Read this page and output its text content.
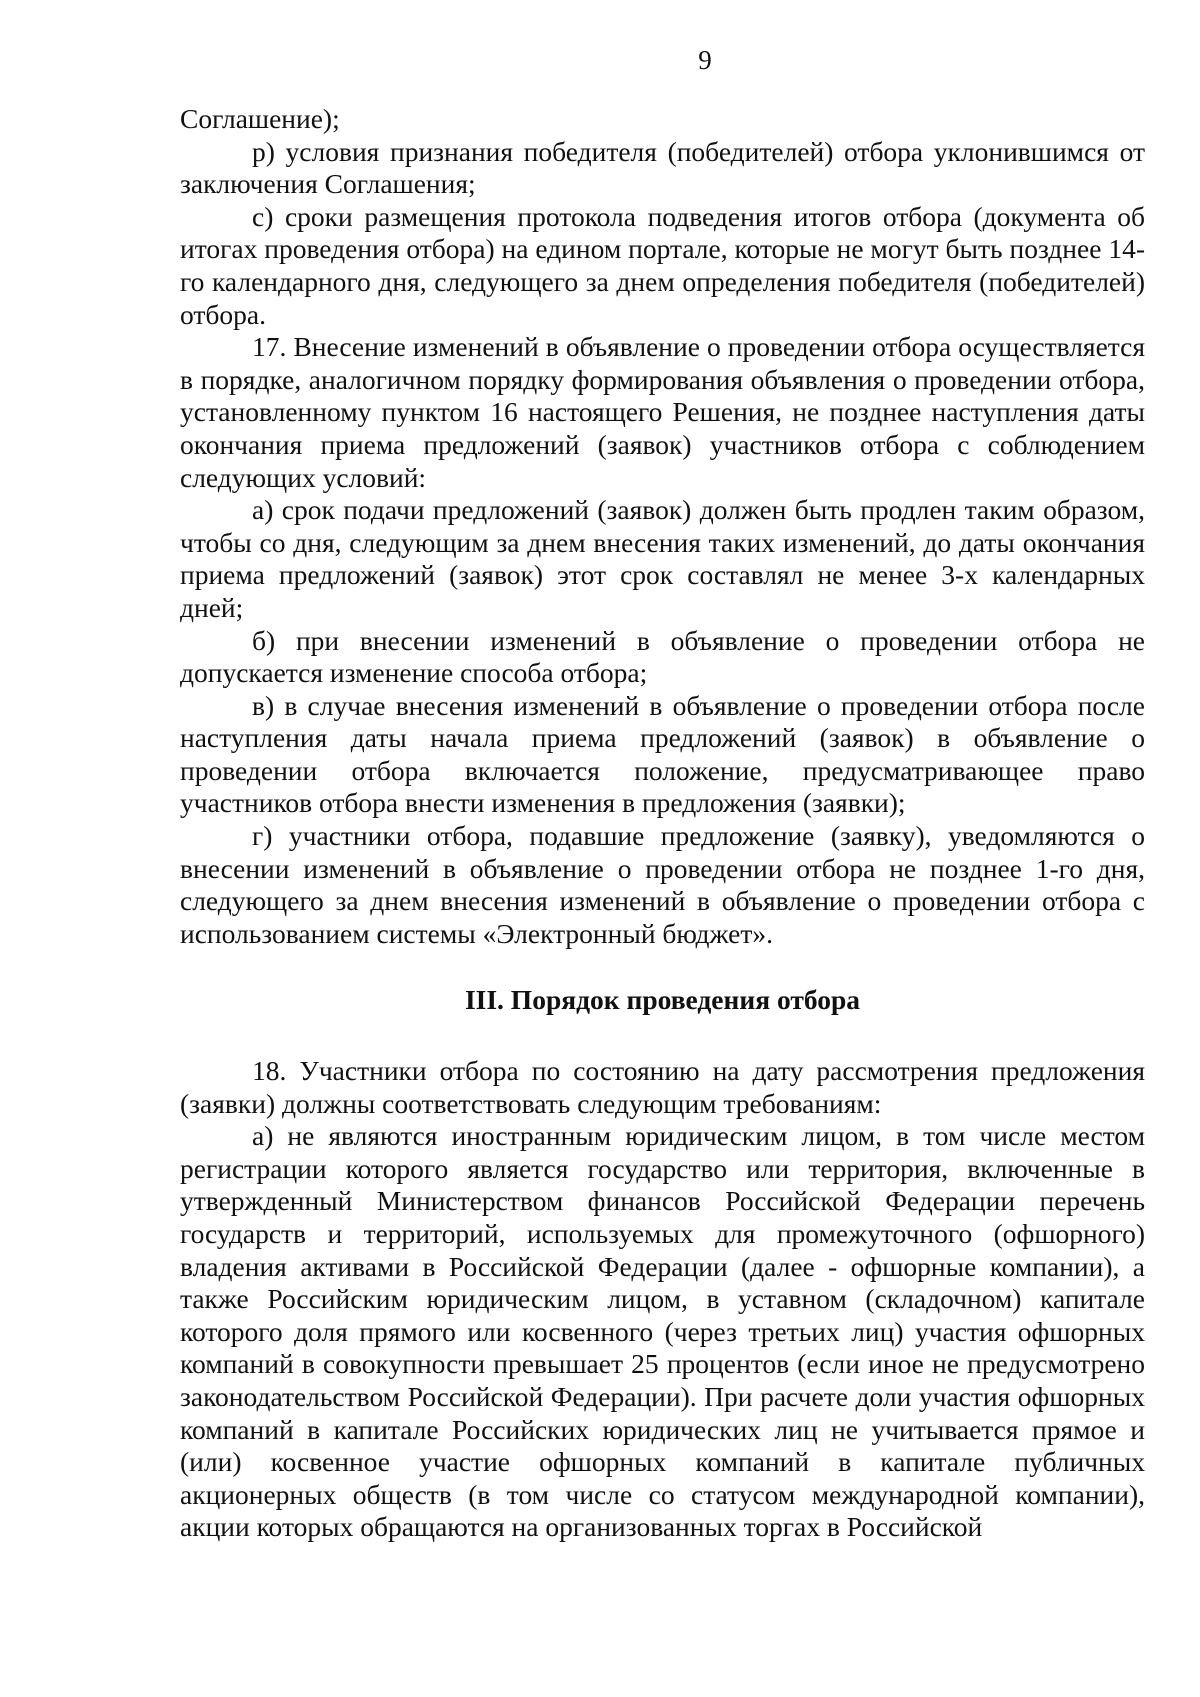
9

Соглашение);

р) условия признания победителя (победителей) отбора уклонившимся от заключения Соглашения;

с) сроки размещения протокола подведения итогов отбора (документа об итогах проведения отбора) на едином портале, которые не могут быть позднее 14-го календарного дня, следующего за днем определения победителя (победителей) отбора.

17. Внесение изменений в объявление о проведении отбора осуществляется в порядке, аналогичном порядку формирования объявления о проведении отбора, установленному пунктом 16 настоящего Решения, не позднее наступления даты окончания приема предложений (заявок) участников отбора с соблюдением следующих условий:

а) срок подачи предложений (заявок) должен быть продлен таким образом, чтобы со дня, следующим за днем внесения таких изменений, до даты окончания приема предложений (заявок) этот срок составлял не менее 3-х календарных дней;

б) при внесении изменений в объявление о проведении отбора не допускается изменение способа отбора;

в) в случае внесения изменений в объявление о проведении отбора после наступления даты начала приема предложений (заявок) в объявление о проведении отбора включается положение, предусматривающее право участников отбора внести изменения в предложения (заявки);

г) участники отбора, подавшие предложение (заявку), уведомляются о внесении изменений в объявление о проведении отбора не позднее 1-го дня, следующего за днем внесения изменений в объявление о проведении отбора с использованием системы «Электронный бюджет».

III. Порядок проведения отбора

18. Участники отбора по состоянию на дату рассмотрения предложения (заявки) должны соответствовать следующим требованиям:

а) не являются иностранным юридическим лицом, в том числе местом регистрации которого является государство или территория, включенные в утвержденный Министерством финансов Российской Федерации перечень государств и территорий, используемых для промежуточного (офшорного) владения активами в Российской Федерации (далее - офшорные компании), а также Российским юридическим лицом, в уставном (складочном) капитале которого доля прямого или косвенного (через третьих лиц) участия офшорных компаний в совокупности превышает 25 процентов (если иное не предусмотрено законодательством Российской Федерации). При расчете доли участия офшорных компаний в капитале Российских юридических лиц не учитывается прямое и (или) косвенное участие офшорных компаний в капитале публичных акционерных обществ (в том числе со статусом международной компании), акции которых обращаются на организованных торгах в Российской
